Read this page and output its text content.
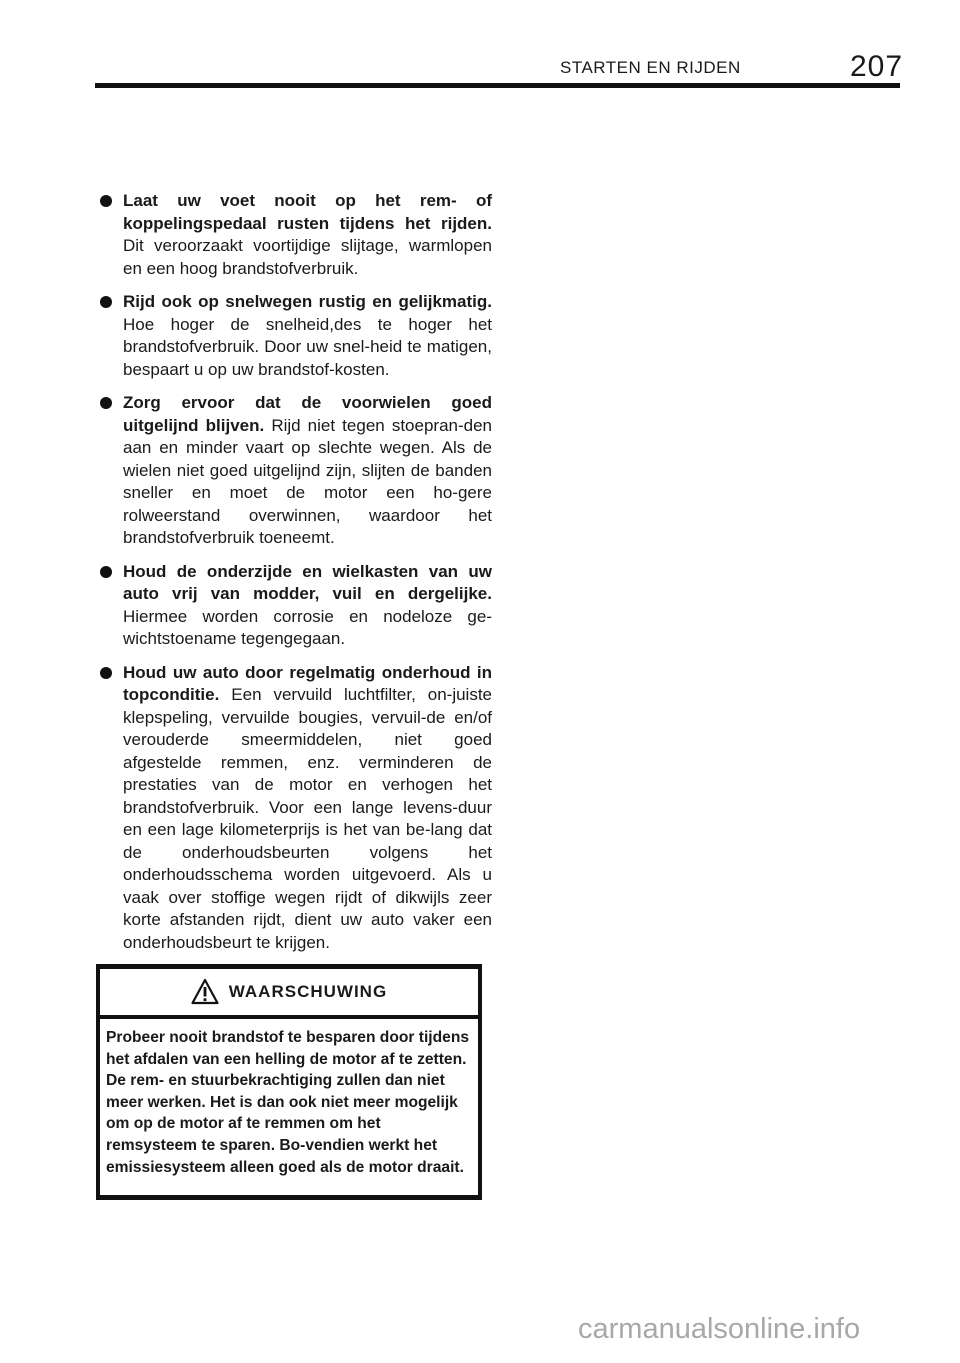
STARTEN EN RIJDEN	207
Laat uw voet nooit op het rem- of koppelingspedaal rusten tijdens het rijden. Dit veroorzaakt voortijdige slijtage, warmlopen en een hoog brandstofverbruik.
Rijd ook op snelwegen rustig en gelijkmatig. Hoe hoger de snelheid,des te hoger het brandstofverbruik. Door uw snel-heid te matigen, bespaart u op uw brandstof-kosten.
Zorg ervoor dat de voorwielen goed uitgelijnd blijven. Rijd niet tegen stoepran-den aan en minder vaart op slechte wegen. Als de wielen niet goed uitgelijnd zijn, slijten de banden sneller en moet de motor een ho-gere rolweerstand overwinnen, waardoor het brandstofverbruik toeneemt.
Houd de onderzijde en wielkasten van uw auto vrij van modder, vuil en dergelijke. Hiermee worden corrosie en nodeloze ge-wichtstoename tegengegaan.
Houd uw auto door regelmatig onderhoud in topconditie. Een vervuild luchtfilter, on-juiste klepspeling, vervuilde bougies, vervuil-de en/of verouderde smeermiddelen, niet goed afgestelde remmen, enz. verminderen de prestaties van de motor en verhogen het brandstofverbruik. Voor een lange levens-duur en een lage kilometerprijs is het van be-lang dat de onderhoudsbeurten volgens het onderhoudsschema worden uitgevoerd. Als u vaak over stoffige wegen rijdt of dikwijls zeer korte afstanden rijdt, dient uw auto vaker een onderhoudsbeurt te krijgen.
WAARSCHUWING
Probeer nooit brandstof te besparen door tijdens het afdalen van een helling de motor af te zetten. De rem- en stuurbekrachtiging zullen dan niet meer werken. Het is dan ook niet meer mogelijk om op de motor af te remmen om het remsysteem te sparen. Bo-vendien werkt het emissiesysteem alleen goed als de motor draait.
carmanualsonline.info
